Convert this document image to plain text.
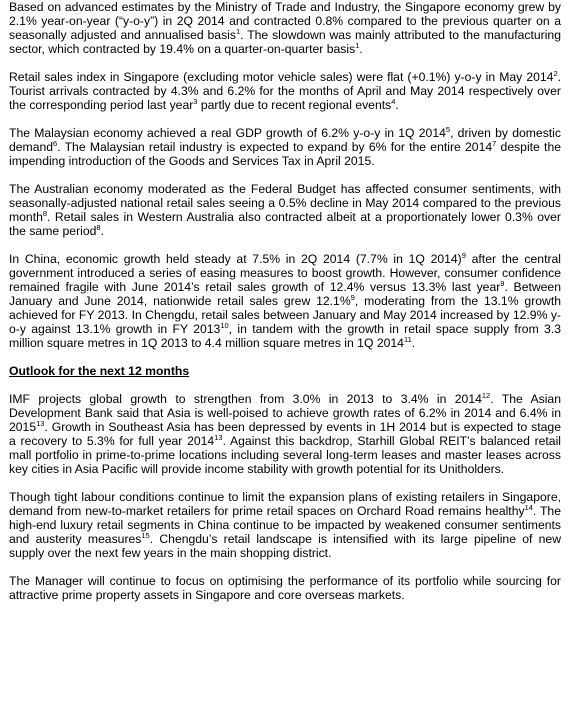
Based on advanced estimates by the Ministry of Trade and Industry, the Singapore economy grew by 2.1% year-on-year (“y-o-y”) in 2Q 2014 and contracted 0.8% compared to the previous quarter on a seasonally adjusted and annualised basis$^1$. The slowdown was mainly attributed to the manufacturing sector, which contracted by 19.4% on a quarter-on-quarter basis$^1$.

Retail sales index in Singapore (excluding motor vehicle sales) were flat (+0.1%) y-o-y in May 2014$^2$. Tourist arrivals contracted by 4.3% and 6.2% for the months of April and May 2014 respectively over the corresponding period last year$^3$ partly due to recent regional events$^4$.

The Malaysian economy achieved a real GDP growth of 6.2% y-o-y in 1Q 2014$^5$, driven by domestic demand$^6$. The Malaysian retail industry is expected to expand by 6% for the entire 2014$^7$ despite the impending introduction of the Goods and Services Tax in April 2015.

The Australian economy moderated as the Federal Budget has affected consumer sentiments, with seasonally-adjusted national retail sales seeing a 0.5% decline in May 2014 compared to the previous month$^8$. Retail sales in Western Australia also contracted albeit at a proportionately lower 0.3% over the same period$^8$.

In China, economic growth held steady at 7.5% in 2Q 2014 (7.7% in 1Q 2014)$^9$ after the central government introduced a series of easing measures to boost growth. However, consumer confidence remained fragile with June 2014’s retail sales growth of 12.4% versus 13.3% last year$^9$. Between January and June 2014, nationwide retail sales grew 12.1%$^9$, moderating from the 13.1% growth achieved for FY 2013. In Chengdu, retail sales between January and May 2014 increased by 12.9% y-o-y against 13.1% growth in FY 2013$^{10}$, in tandem with the growth in retail space supply from 3.3 million square metres in 1Q 2013 to 4.4 million square metres in 1Q 2014$^{11}$.

Outlook for the next 12 months

IMF projects global growth to strengthen from 3.0% in 2013 to 3.4% in 2014$^{12}$. The Asian Development Bank said that Asia is well-poised to achieve growth rates of 6.2% in 2014 and 6.4% in 2015$^{13}$. Growth in Southeast Asia has been depressed by events in 1H 2014 but is expected to stage a recovery to 5.3% for full year 2014$^{13}$. Against this backdrop, Starhill Global REIT’s balanced retail mall portfolio in prime-to-prime locations including several long-term leases and master leases across key cities in Asia Pacific will provide income stability with growth potential for its Unitholders.

Though tight labour conditions continue to limit the expansion plans of existing retailers in Singapore, demand from new-to-market retailers for prime retail spaces on Orchard Road remains healthy$^{14}$. The high-end luxury retail segments in China continue to be impacted by weakened consumer sentiments and austerity measures$^{15}$. Chengdu’s retail landscape is intensified with its large pipeline of new supply over the next few years in the main shopping district.

The Manager will continue to focus on optimising the performance of its portfolio while sourcing for attractive prime property assets in Singapore and core overseas markets.
